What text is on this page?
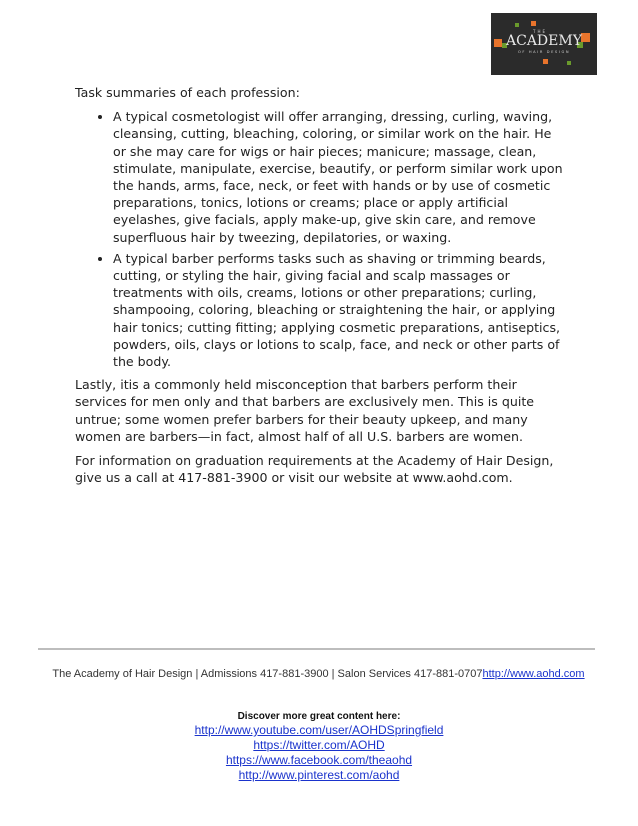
THE
ACADEMY
OF HAIR DESIGN

Task summaries of each profession:

• A typical cosmetologist will offer arranging, dressing, curling, waving, cleansing, cutting, bleaching, coloring, or similar work on the hair. He or she may care for wigs or hair pieces; manicure; massage, clean, stimulate, manipulate, exercise, beautify, or perform similar work upon the hands, arms, face, neck, or feet with hands or by use of cosmetic preparations, tonics, lotions or creams; place or apply artificial eyelashes, give facials, apply make-up, give skin care, and remove superfluous hair by tweezing, depilatories, or waxing.
• A typical barber performs tasks such as shaving or trimming beards, cutting, or styling the hair, giving facial and scalp massages or treatments with oils, creams, lotions or other preparations; curling, shampooing, coloring, bleaching or straightening the hair, or applying hair tonics; cutting fitting; applying cosmetic preparations, antiseptics, powders, oils, clays or lotions to scalp, face, and neck or other parts of the body.

Lastly, itis a commonly held misconception that barbers perform their services for men only and that barbers are exclusively men. This is quite untrue; some women prefer barbers for their beauty upkeep, and many women are barbers—in fact, almost half of all U.S. barbers are women.

For information on graduation requirements at the Academy of Hair Design, give us a call at 417-881-3900 or visit our website at www.aohd.com.

The Academy of Hair Design | Admissions 417-881-3900 | Salon Services 417-881-0707http://www.aohd.com
Discover more great content here:
http://www.youtube.com/user/AOHDSpringfield
https://twitter.com/AOHD
https://www.facebook.com/theaohd
http://www.pinterest.com/aohd
